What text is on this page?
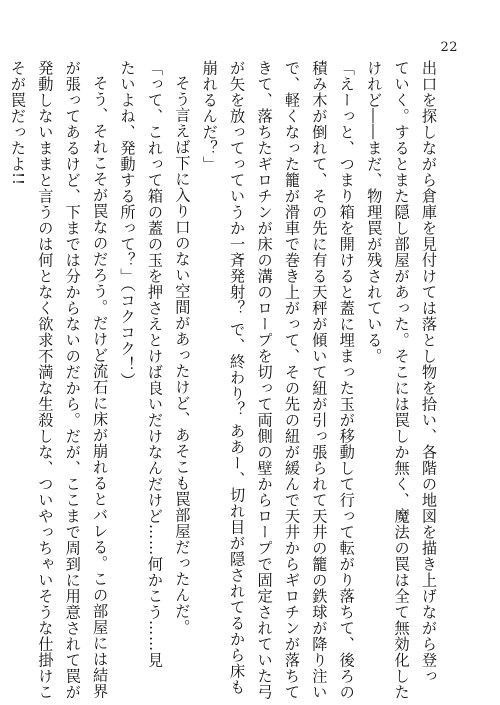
22
出口を探しながら倉庫を見付けては落とし物を拾い、各階の地図を描き上げながら登っ
ていく。するとまた隠し部屋があった。そこには罠しか無く、魔法の罠は全て無効化した
けれど――まだ、物理罠が残されている。
「えーっと、つまり箱を開けると蓋に埋まった玉が移動して行って転がり落ちて、後ろの
積み木が倒れて、その先に有る天秤が傾いて紐が引っ張られて天井の籠の鉄球が降り注い
で、軽くなった籠が滑車で巻き上がって、その先の紐が緩んで天井からギロチンが落ちて
きて、落ちたギロチンが床の溝のロープを切って両側の壁からロープで固定されていた弓
が矢を放ってっていうか一斉発射？ で、終わり？ ああー、切れ目が隠されてるから床も
崩れるんだ？」
そう言えば下に入り口のない空間があったけど、あそこも罠部屋だったんだ。
「って、これって箱の蓋の玉を押さえとけば良いだけなんだけど……何かこう……見
たいよね、発動する所って？」（コクコク！）
そう、それこそが罠なのだろう。だけど流石に床が崩れるとバレる。この部屋には結界
が張ってあるけど、下までは分からないのだから。だが、ここまで周到に用意されて罠が
発動しないままと言うのは何となく欲求不満な生殺しな、ついやっちゃいそうな仕掛けこ
そが罠だったよ!!
